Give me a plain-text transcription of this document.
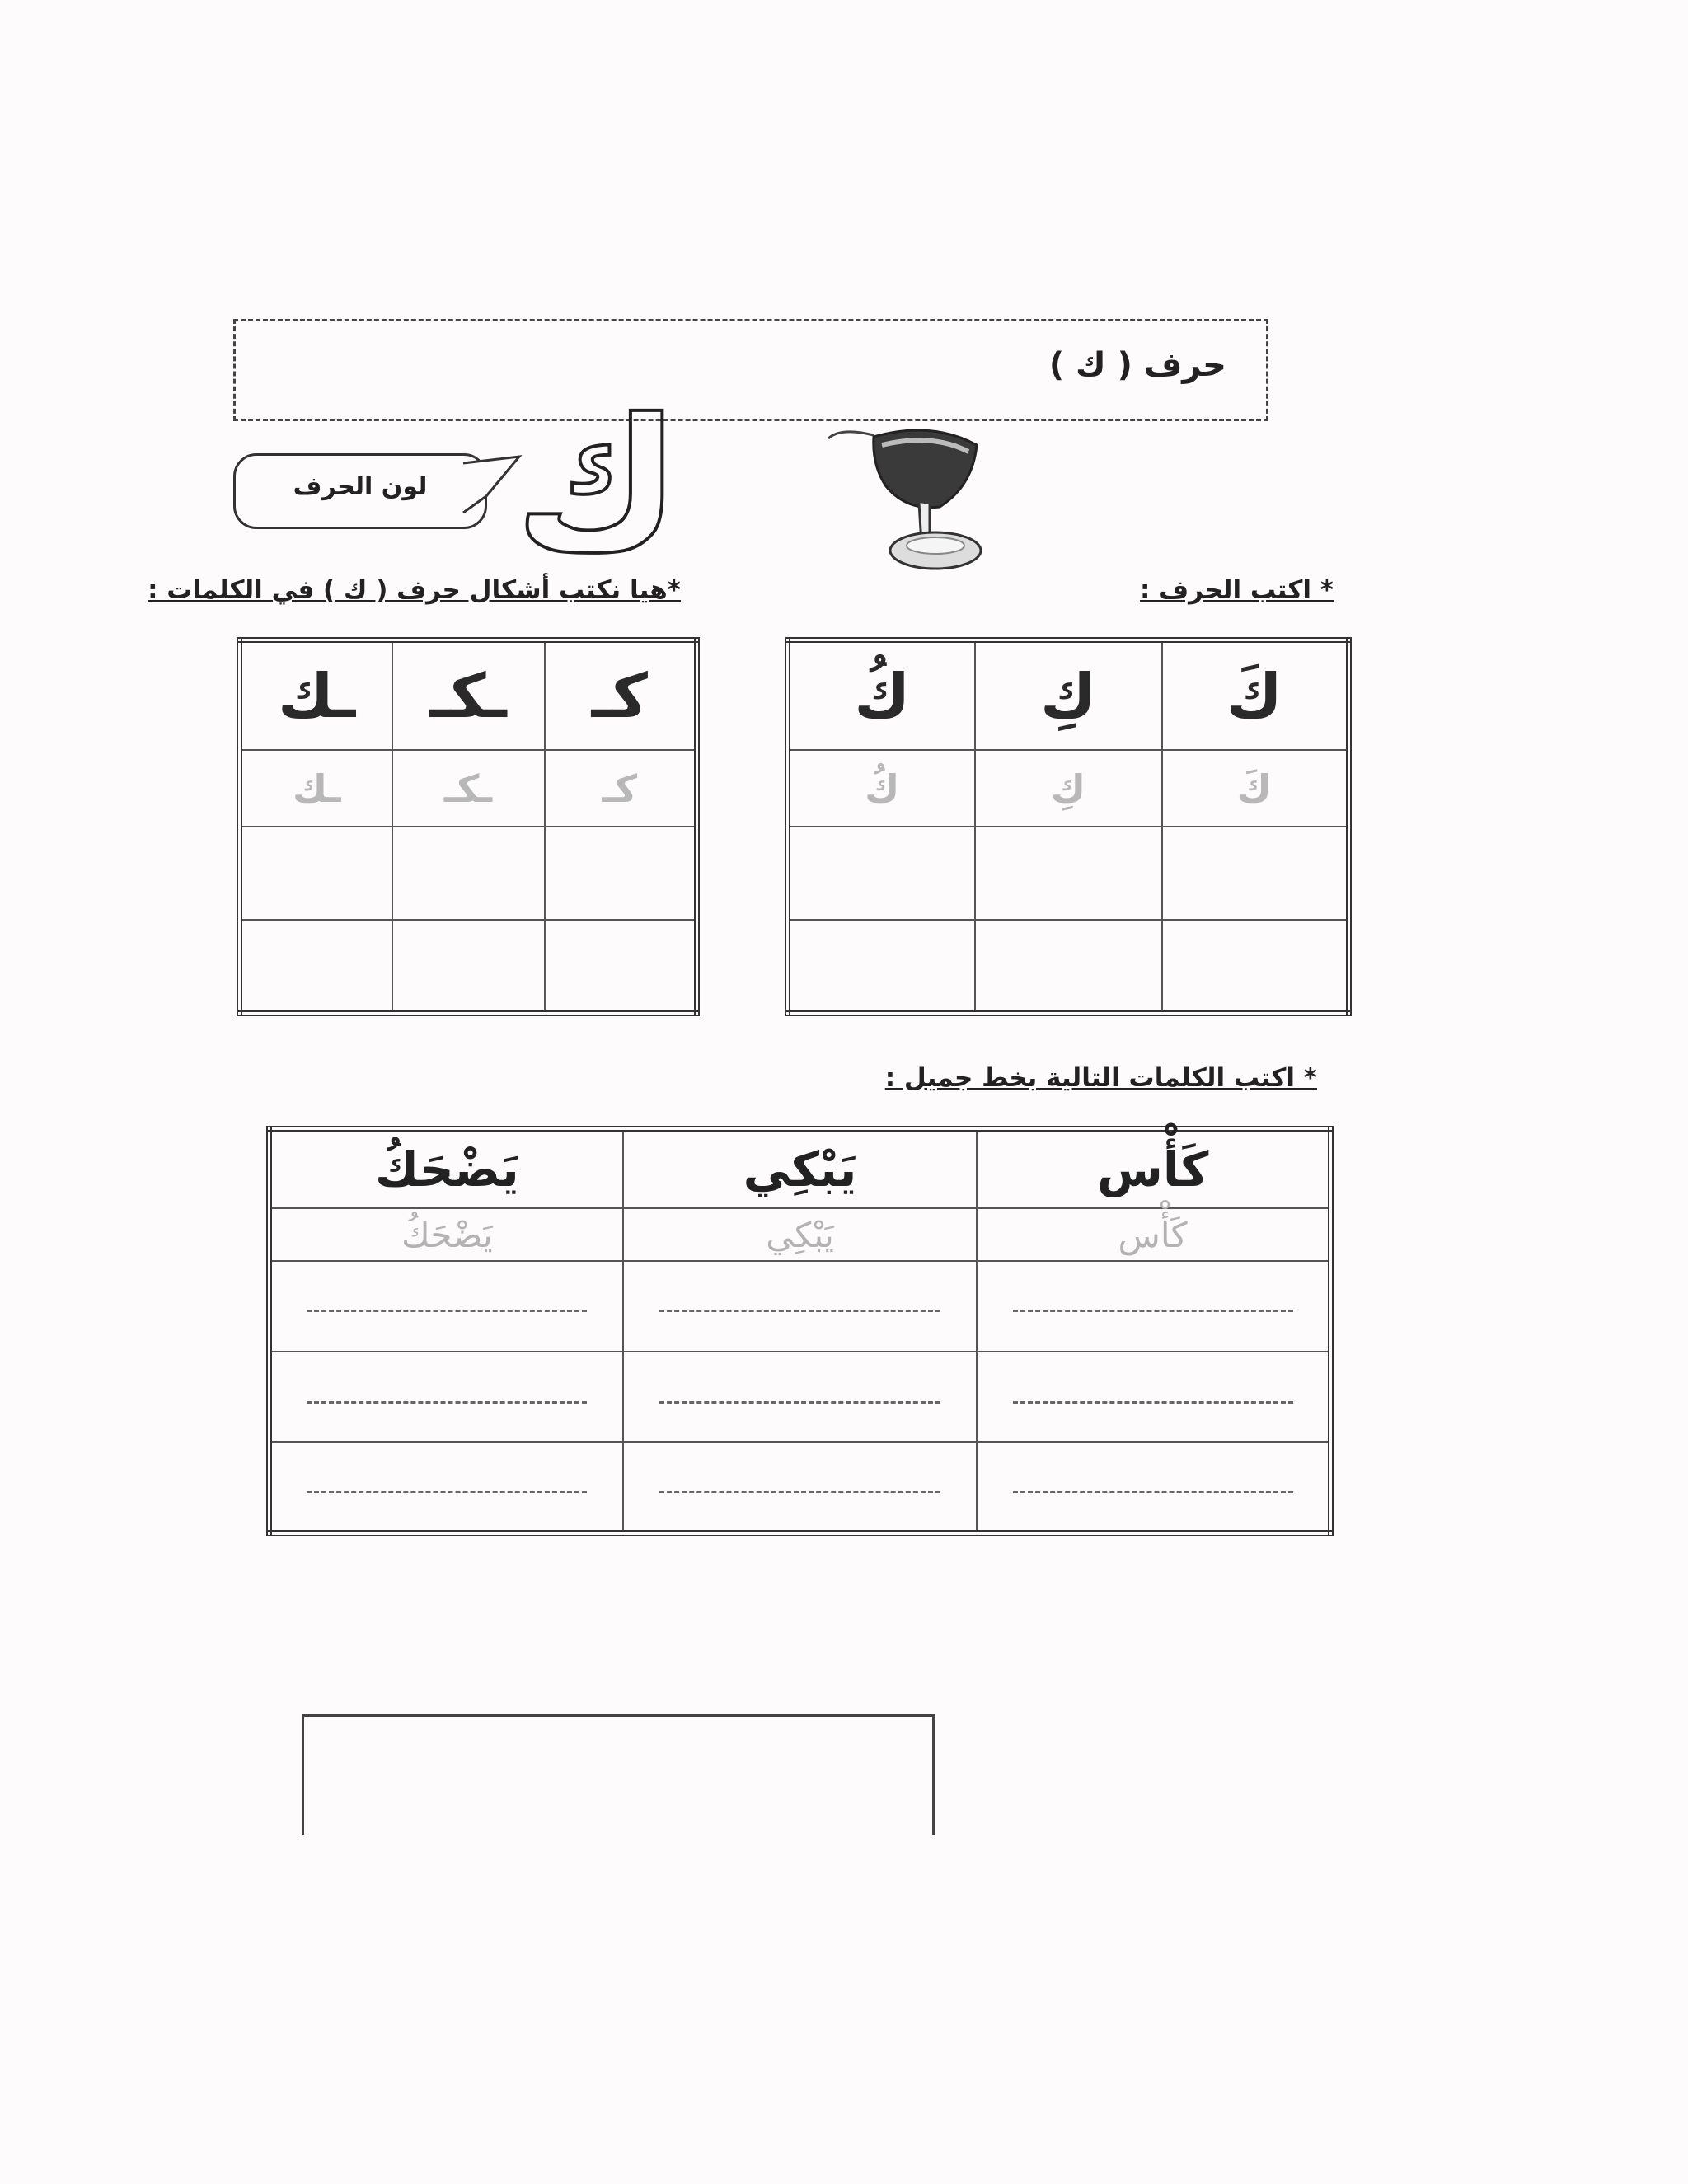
حرف ( ك )
لون الحرف ك	* اكتب الحرف :
*هيا نكتب أشكال حرف ( ك ) في الكلمات :
كَ	كِ	كُ
كَ	كِ	كُ

كـ	ـكـ	ـك
كـ	ـكـ	ـك

* اكتب الكلمات التالية بخط جميل :
كَأْس	يَبْكِي	يَضْحَكُ
كَأْس	يَبْكِي	يَضْحَكُ
